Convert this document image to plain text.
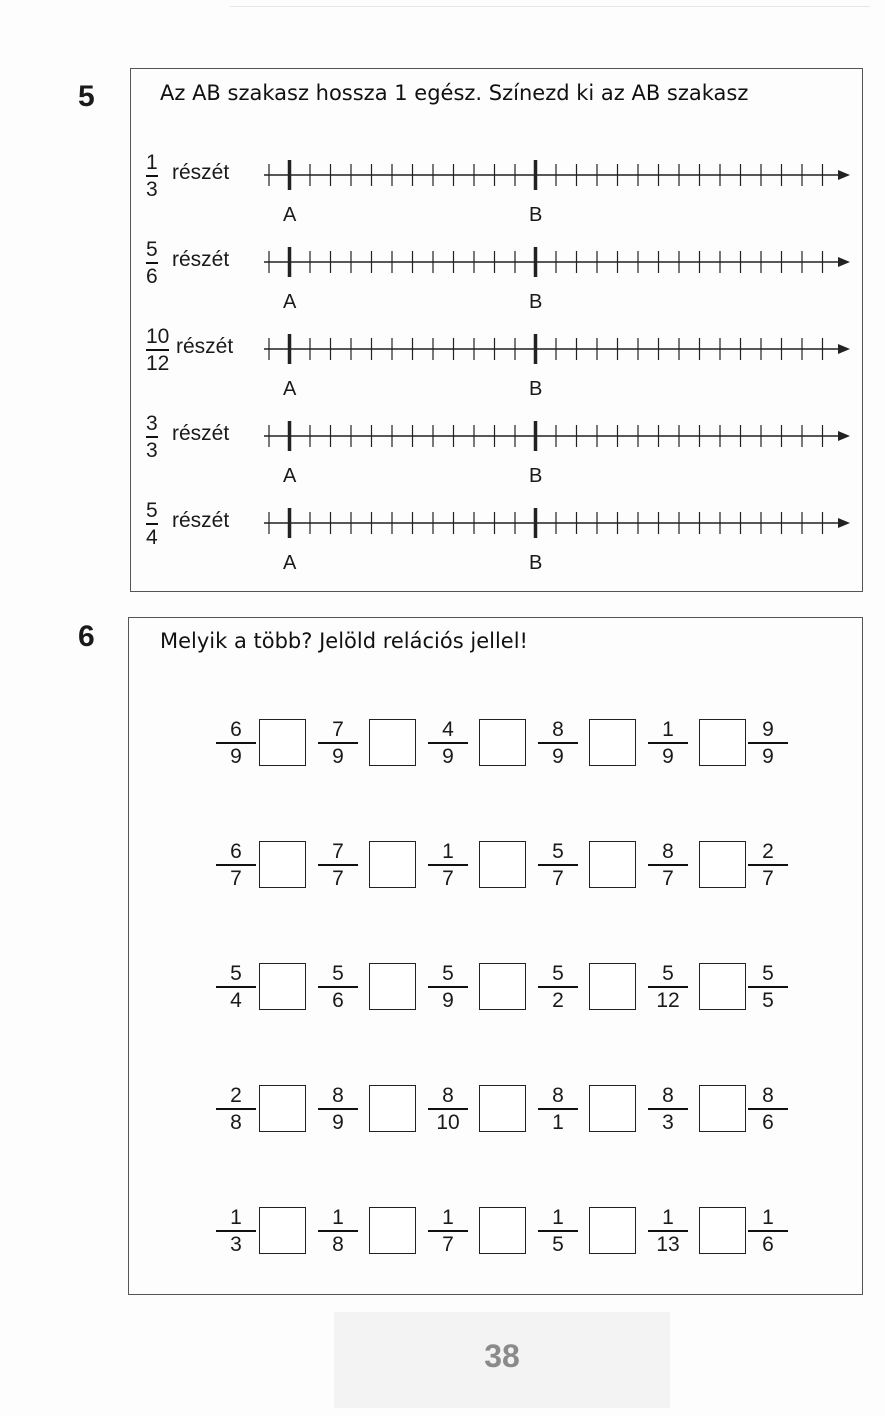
5	Az AB szakasz hossza 1 egész. Színezd ki az AB szakasz
1
3
részét
A	B
5
6
részét
A	B
10
12
részét
A	B
3
3
részét
A	B
5
4
részét
A	B
6	Melyik a több? Jelöld relációs jellel!
6
9
7
9
4
9
8
9
1
9
9
9
6
7
7
7
1
7
5
7
8
7
2
7
5
4
5
6
5
9
5
2
5
12
5
5
2
8
8
9
8
10
8
1
8
3
8
6
1
3
1
8
1
7
1
5
1
13
1
6
38
